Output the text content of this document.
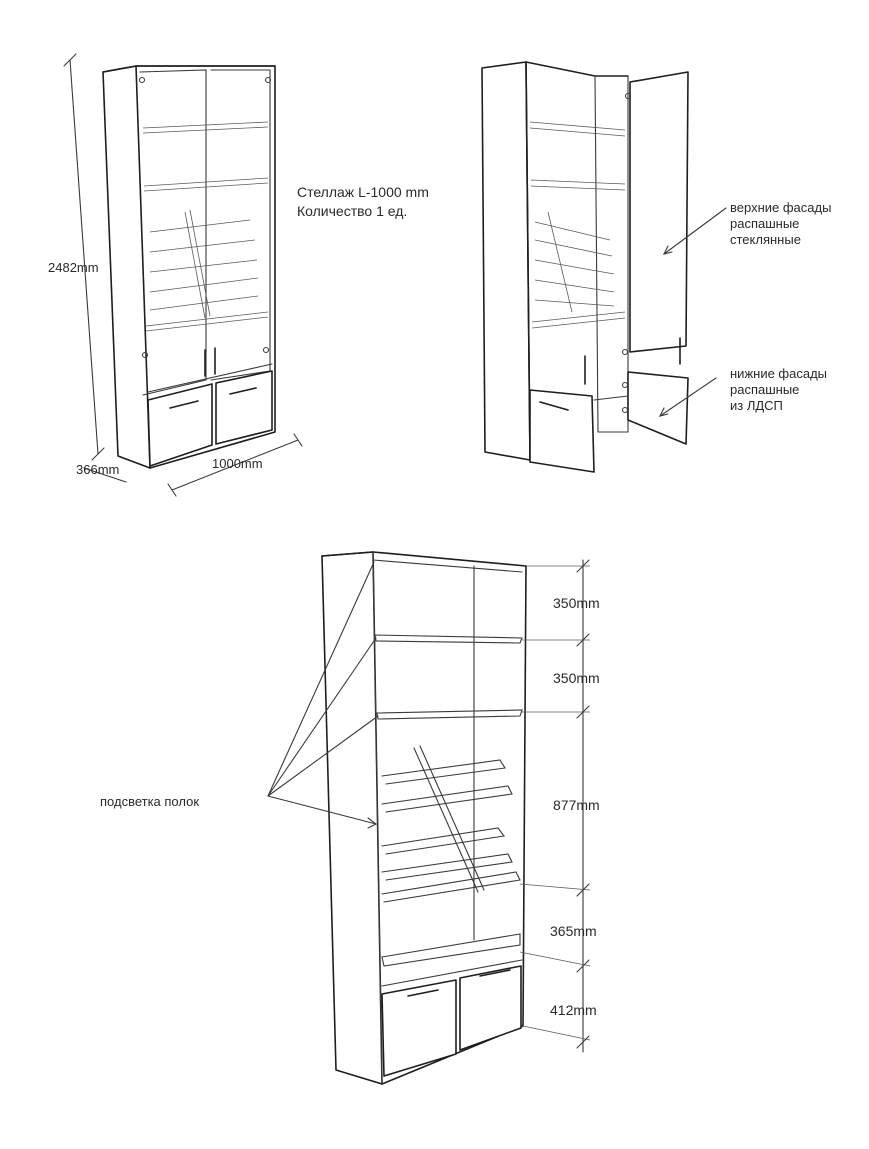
2482mm
366mm	1000mm
Стеллаж L-1000 mm
Количество 1 ед.	верхние фасады
распашные
стеклянные
нижние фасады
распашные
из ЛДСП
подсветка полок
350mm
350mm
877mm
365mm
412mm
